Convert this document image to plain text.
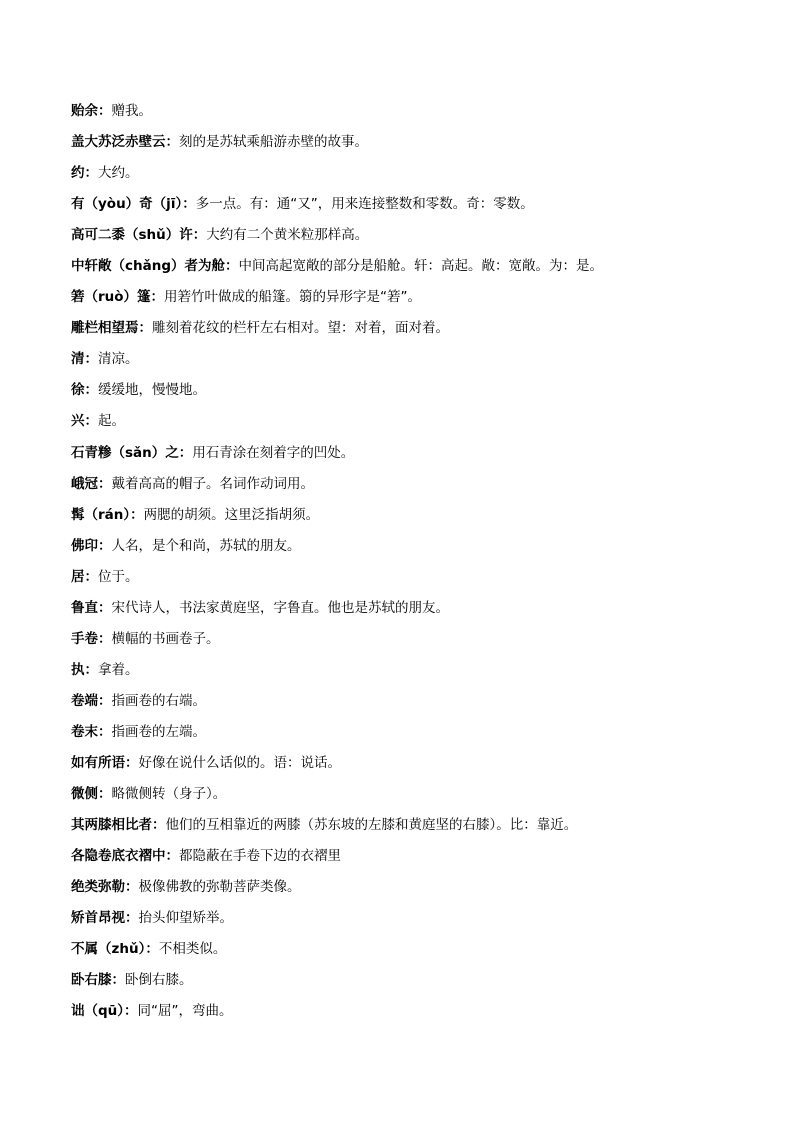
贻余：赠我。
盖大苏泛赤壁云：刻的是苏轼乘船游赤壁的故事。
约：大约。
有（yòu）奇（jī）：多一点。有：通“又”，用来连接整数和零数。奇：零数。
高可二黍（shǔ）许：大约有二个黄米粒那样高。
中轩敞（chǎng）者为舱：中间高起宽敞的部分是船舱。轩：高起。敞：宽敞。为：是。
箬（ruò）篷：用箬竹叶做成的船篷。篛的异形字是“箬”。
雕栏相望焉：雕刻着花纹的栏杆左右相对。望：对着，面对着。
清：清凉。
徐：缓缓地，慢慢地。
兴：起。
石青糁（sǎn）之：用石青涂在刻着字的凹处。
峨冠：戴着高高的帽子。名词作动词用。
髯（rán）：两腮的胡须。这里泛指胡须。
佛印：人名，是个和尚，苏轼的朋友。
居：位于。
鲁直：宋代诗人，书法家黄庭坚，字鲁直。他也是苏轼的朋友。
手卷：横幅的书画卷子。
执：拿着。
卷端：指画卷的右端。
卷末：指画卷的左端。
如有所语：好像在说什么话似的。语：说话。
微侧：略微侧转（身子）。
其两膝相比者：他们的互相靠近的两膝（苏东坡的左膝和黄庭坚的右膝）。比：靠近。
各隐卷底衣褶中：都隐蔽在手卷下边的衣褶里
绝类弥勒：极像佛教的弥勒菩萨类像。
矫首昂视：抬头仰望矫举。
不属（zhǔ）：不相类似。
卧右膝：卧倒右膝。
诎（qū）：同“屈”，弯曲。
